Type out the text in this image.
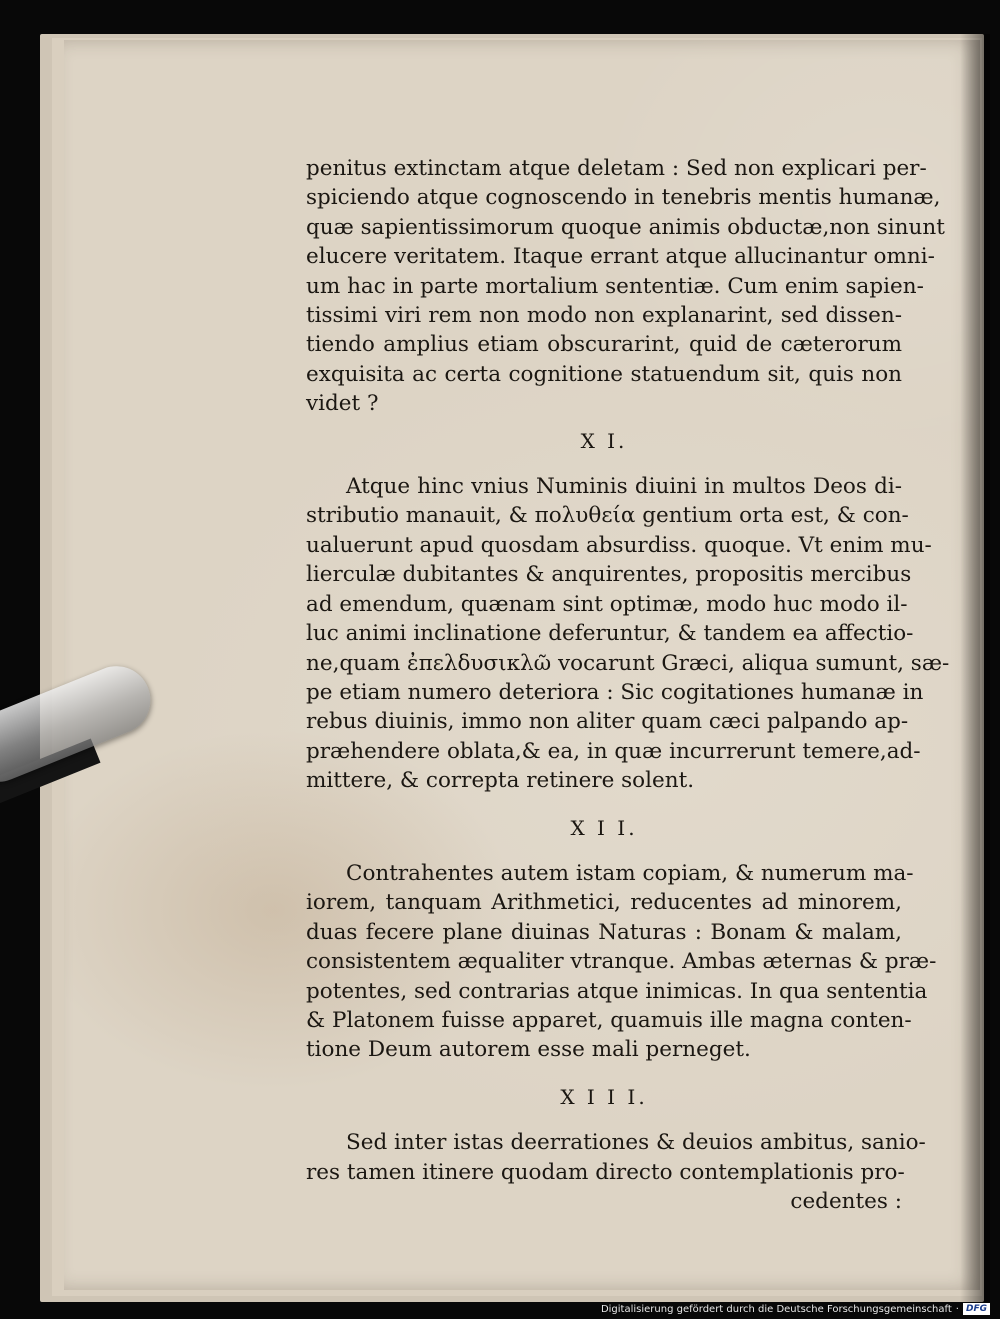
penitus extinctam atque deletam : Sed non explicari per-
spiciendo atque cognoscendo in tenebris mentis humanæ,
quæ sapientissimorum quoque animis obductæ,non sinunt
elucere veritatem. Itaque errant atque allucinantur omni-
um hac in parte mortalium sententiæ. Cum enim sapien-
tissimi viri rem non modo non explanarint, sed dissen-
tiendo amplius etiam obscurarint, quid de cæterorum
exquisita ac certa cognitione statuendum sit, quis non
videt ?
X I.
Atque hinc vnius Numinis diuini in multos Deos di-
stributio manauit, & πολυθεία gentium orta est, & con-
ualuerunt apud quosdam absurdiss. quoque. Vt enim mu-
lierculæ dubitantes & anquirentes, propositis mercibus
ad emendum, quænam sint optimæ, modo huc modo il-
luc animi inclinatione deferuntur, & tandem ea affectio-
ne,quam ἐπελδυσικλῶ vocarunt Græci, aliqua sumunt, sæ-
pe etiam numero deteriora : Sic cogitationes humanæ in
rebus diuinis, immo non aliter quam cæci palpando ap-
præhendere oblata,& ea, in quæ incurrerunt temere,ad-
mittere, & correpta retinere solent.
X I I.
Contrahentes autem istam copiam, & numerum ma-
iorem, tanquam Arithmetici, reducentes ad minorem,
duas fecere plane diuinas Naturas : Bonam & malam,
consistentem æqualiter vtranque. Ambas æternas & præ-
potentes, sed contrarias atque inimicas. In qua sententia
& Platonem fuisse apparet, quamuis ille magna conten-
tione Deum autorem esse mali perneget.
X I I I.
Sed inter istas deerrationes & deuios ambitus, sanio-
res tamen itinere quodam directo contemplationis pro-
cedentes :
Digitalisierung gefördert durch die Deutsche Forschungsgemeinschaft · DFG
